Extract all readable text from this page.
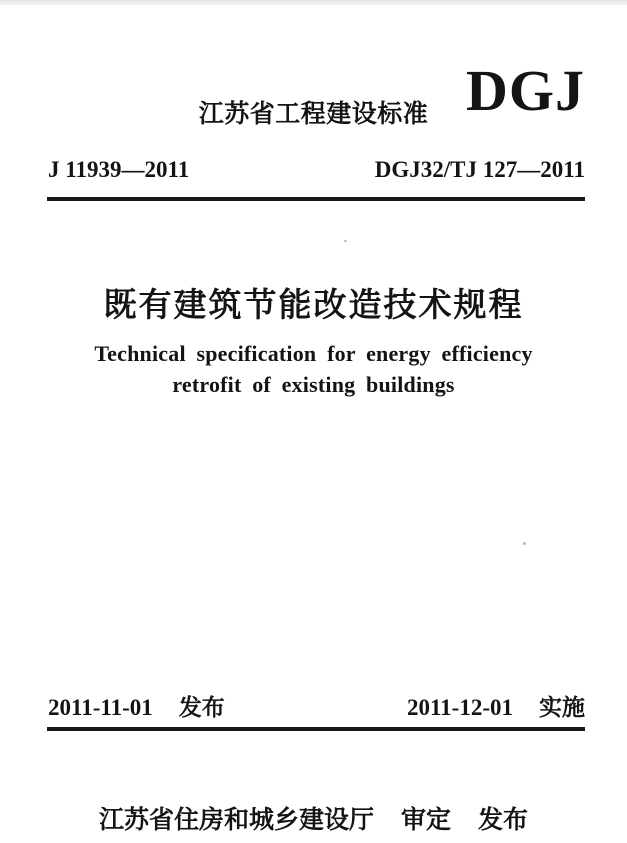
江苏省工程建设标准 DGJ
J 11939—2011	DGJ32/TJ 127—2011
既有建筑节能改造技术规程
Technical specification for energy efficiency
retrofit of existing buildings
2011-11-01 发布	2011-12-01 实施
江苏省住房和城乡建设厅 审定 发布
